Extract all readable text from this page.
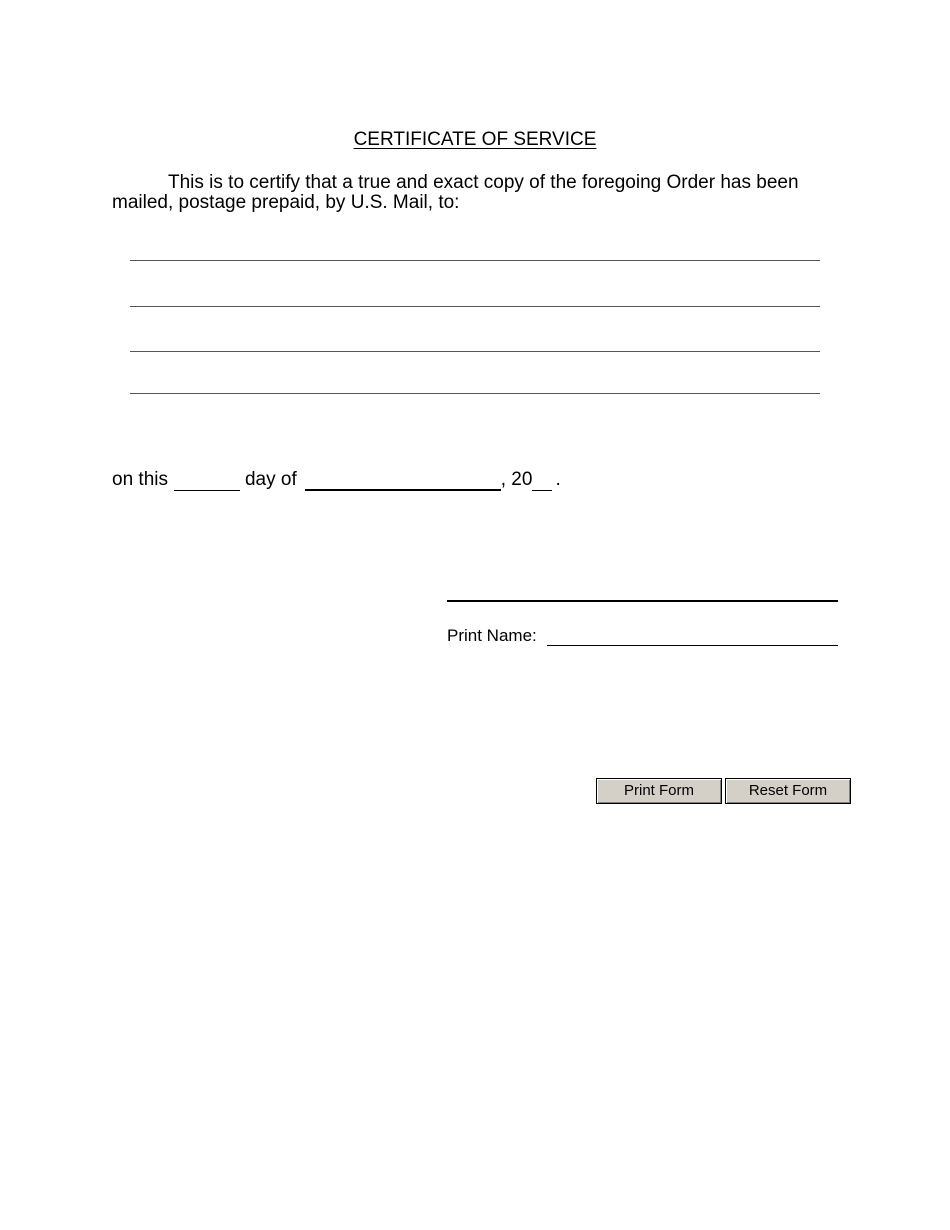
CERTIFICATE OF SERVICE
This is to certify that a true and exact copy of the foregoing Order has been
mailed, postage prepaid, by U.S. Mail, to:
on this	day of	, 20 .
Print Name:
Print Form	Reset Form
